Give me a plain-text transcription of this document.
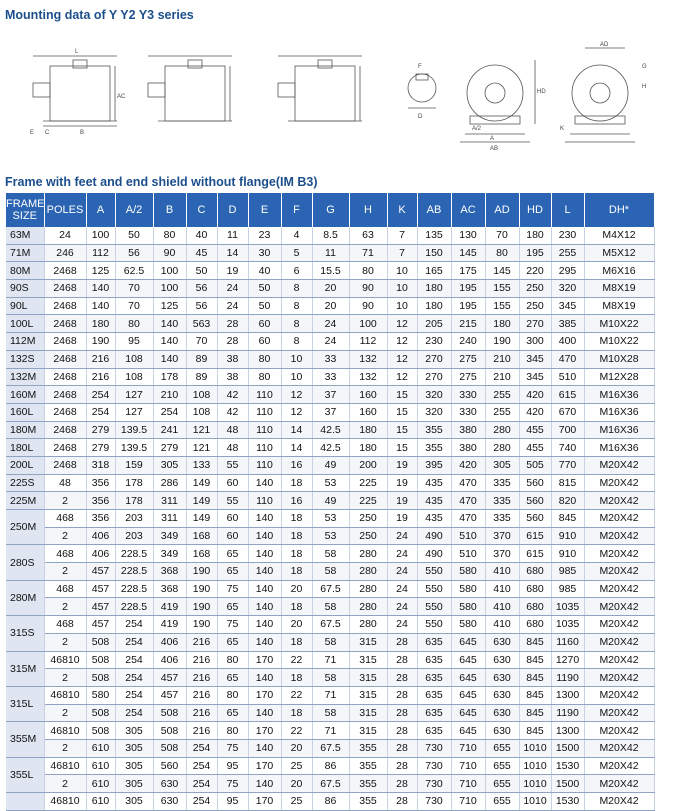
Mounting data of Y Y2 Y3 series
L
AC
E C	B
D
F
A
AB
HD
A/2
AD
H
K
G
Frame with feet and end shield without flange(IM B3)
FRAME SIZE	POLES	A	A/2	B	C	D	E	F	G	H	K	AB	AC	AD	HD	L	DH*
63M	24	100	50	80	40	11	23	4	8.5	63	7	135	130	70	180	230	M4X12
71M	246	112	56	90	45	14	30	5	11	71	7	150	145	80	195	255	M5X12
80M	2468	125	62.5	100	50	19	40	6	15.5	80	10	165	175	145	220	295	M6X16
90S	2468	140	70	100	56	24	50	8	20	90	10	180	195	155	250	320	M8X19
90L	2468	140	70	125	56	24	50	8	20	90	10	180	195	155	250	345	M8X19
100L	2468	180	80	140	563	28	60	8	24	100	12	205	215	180	270	385	M10X22
112M	2468	190	95	140	70	28	60	8	24	112	12	230	240	190	300	400	M10X22
132S	2468	216	108	140	89	38	80	10	33	132	12	270	275	210	345	470	M10X28
132M	2468	216	108	178	89	38	80	10	33	132	12	270	275	210	345	510	M12X28
160M	2468	254	127	210	108	42	110	12	37	160	15	320	330	255	420	615	M16X36
160L	2468	254	127	254	108	42	110	12	37	160	15	320	330	255	420	670	M16X36
180M	2468	279	139.5	241	121	48	110	14	42.5	180	15	355	380	280	455	700	M16X36
180L	2468	279	139.5	279	121	48	110	14	42.5	180	15	355	380	280	455	740	M16X36
200L	2468	318	159	305	133	55	110	16	49	200	19	395	420	305	505	770	M20X42
225S	48	356	178	286	149	60	140	18	53	225	19	435	470	335	560	815	M20X42
225M	2	356	178	311	149	55	110	16	49	225	19	435	470	335	560	820	M20X42
250M	468	356	203	311	149	60	140	18	53	250	19	435	470	335	560	845	M20X42
	2	406	203	349	168	60	140	18	53	250	24	490	510	370	615	910	M20X42
280S	468	406	228.5	349	168	65	140	18	58	280	24	490	510	370	615	910	M20X42
	2	457	228.5	368	190	65	140	18	58	280	24	550	580	410	680	985	M20X42
280M	468	457	228.5	368	190	75	140	20	67.5	280	24	550	580	410	680	985	M20X42
	2	457	228.5	419	190	65	140	18	58	280	24	550	580	410	680	1035	M20X42
315S	468	457	254	419	190	75	140	20	67.5	280	24	550	580	410	680	1035	M20X42
	2	508	254	406	216	65	140	18	58	315	28	635	645	630	845	1160	M20X42
315M	46810	508	254	406	216	80	170	22	71	315	28	635	645	630	845	1270	M20X42
	2	508	254	457	216	65	140	18	58	315	28	635	645	630	845	1190	M20X42
315L	46810	580	254	457	216	80	170	22	71	315	28	635	645	630	845	1300	M20X42
	2	508	254	508	216	65	140	18	58	315	28	635	645	630	845	1190	M20X42
355M	46810	508	305	508	216	80	170	22	71	315	28	635	645	630	845	1300	M20X42
	2	610	305	508	254	75	140	20	67.5	355	28	730	710	655	1010	1500	M20X42
355L	46810	610	305	560	254	95	170	25	86	355	28	730	710	655	1010	1530	M20X42
	2	610	305	630	254	75	140	20	67.5	355	28	730	710	655	1010	1500	M20X42
	46810	610	305	630	254	95	170	25	86	355	28	730	710	655	1010	1530	M20X42
